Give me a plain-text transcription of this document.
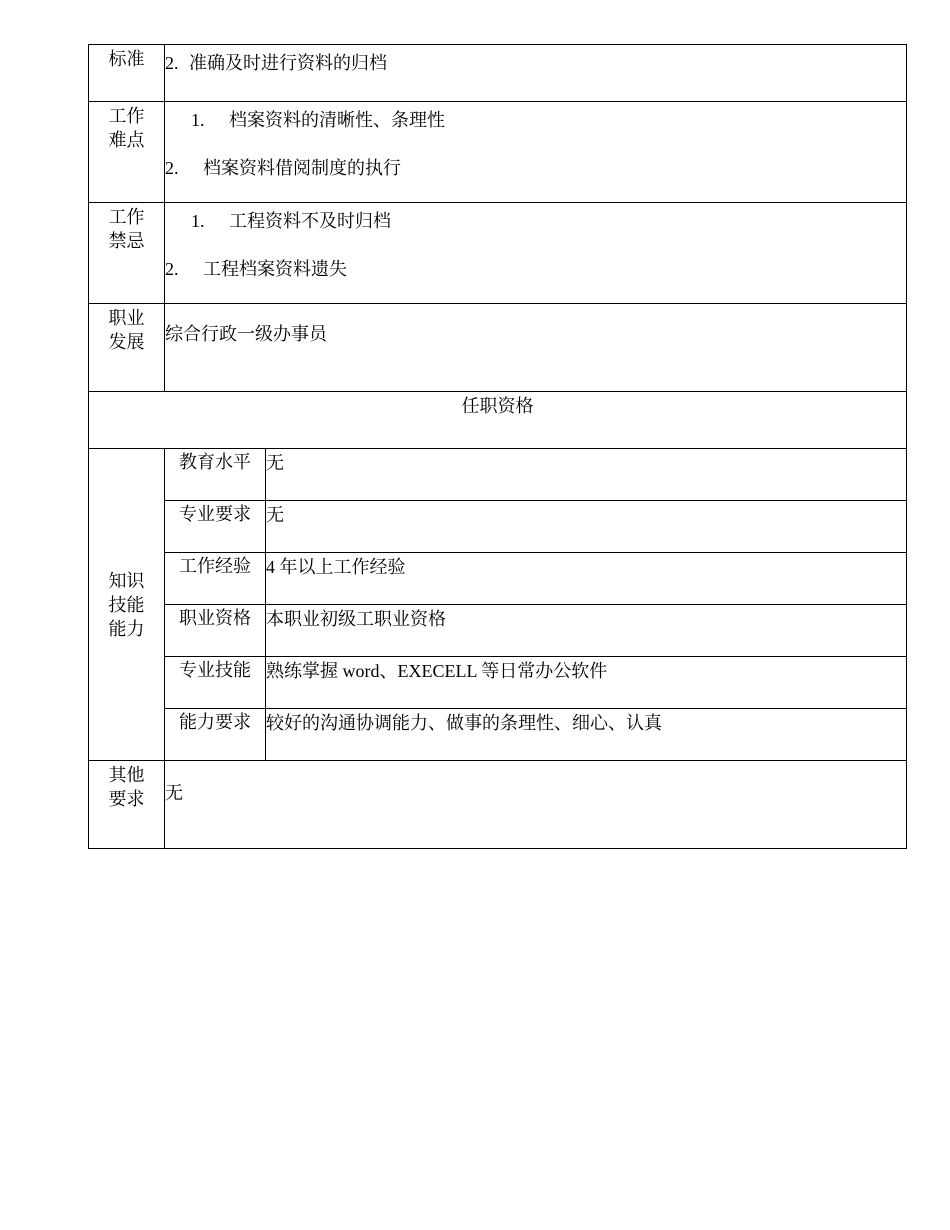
标准	2. 准确及时进行资料的归档	

工作
难点	1. 档案资料的清晰性、条理性
2. 档案资料借阅制度的执行	

工作
禁忌	1. 工程资料不及时归档
2. 工程档案资料遗失	

职业
发展	综合行政一级办事员	

任职资格		

知识
技能
能力	教育水平	无
	专业要求	无
	工作经验	4 年以上工作经验
	职业资格	本职业初级工职业资格
	专业技能	熟练掌握 word、EXECELL 等日常办公软件
	能力要求	较好的沟通协调能力、做事的条理性、细心、认真

其他
要求	无	
